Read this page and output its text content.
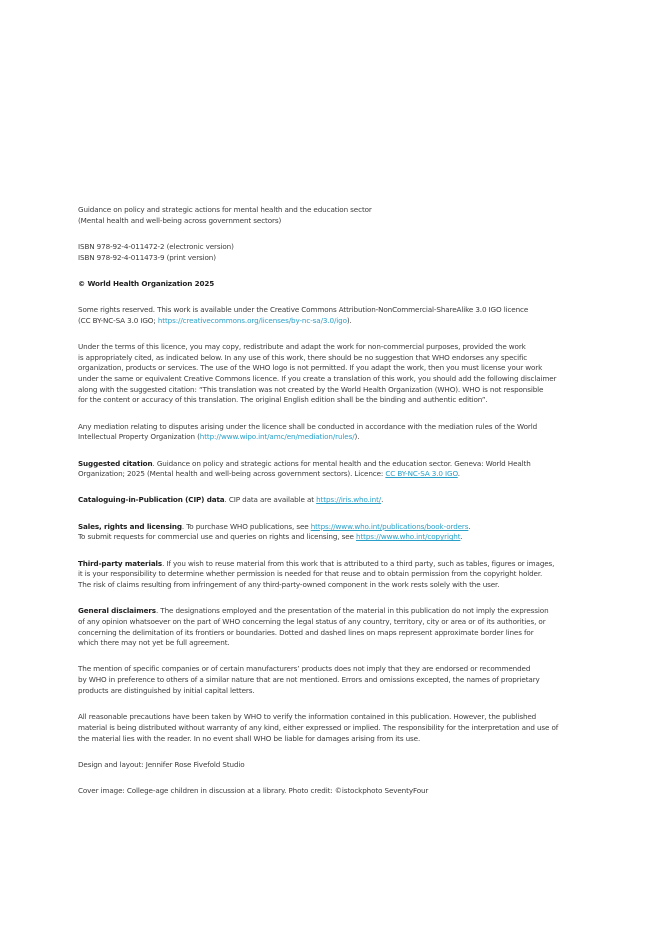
Guidance on policy and strategic actions for mental health and the education sector

(Mental health and well-being across government sectors)

ISBN 978-92-4-011472-2 (electronic version)

ISBN 978-92-4-011473-9 (print version)

© World Health Organization 2025

Some rights reserved. This work is available under the Creative Commons Attribution-NonCommercial-ShareAlike 3.0 IGO licence

(CC BY-NC-SA 3.0 IGO; https://creativecommons.org/licenses/by-nc-sa/3.0/igo).

Under the terms of this licence, you may copy, redistribute and adapt the work for non-commercial purposes, provided the work

is appropriately cited, as indicated below. In any use of this work, there should be no suggestion that WHO endorses any specific

organization, products or services. The use of the WHO logo is not permitted. If you adapt the work, then you must license your work

under the same or equivalent Creative Commons licence. If you create a translation of this work, you should add the following disclaimer

along with the suggested citation: “This translation was not created by the World Health Organization (WHO). WHO is not responsible

for the content or accuracy of this translation. The original English edition shall be the binding and authentic edition”.

Any mediation relating to disputes arising under the licence shall be conducted in accordance with the mediation rules of the World

Intellectual Property Organization (http://www.wipo.int/amc/en/mediation/rules/).

Suggested citation. Guidance on policy and strategic actions for mental health and the education sector. Geneva: World Health

Organization; 2025 (Mental health and well-being across government sectors). Licence: CC BY-NC-SA 3.0 IGO.

Cataloguing-in-Publication (CIP) data. CIP data are available at https://iris.who.int/.

Sales, rights and licensing. To purchase WHO publications, see https://www.who.int/publications/book-orders.

To submit requests for commercial use and queries on rights and licensing, see https://www.who.int/copyright.

Third-party materials. If you wish to reuse material from this work that is attributed to a third party, such as tables, figures or images,

it is your responsibility to determine whether permission is needed for that reuse and to obtain permission from the copyright holder.

The risk of claims resulting from infringement of any third-party-owned component in the work rests solely with the user.

General disclaimers. The designations employed and the presentation of the material in this publication do not imply the expression

of any opinion whatsoever on the part of WHO concerning the legal status of any country, territory, city or area or of its authorities, or

concerning the delimitation of its frontiers or boundaries. Dotted and dashed lines on maps represent approximate border lines for

which there may not yet be full agreement.

The mention of specific companies or of certain manufacturers’ products does not imply that they are endorsed or recommended

by WHO in preference to others of a similar nature that are not mentioned. Errors and omissions excepted, the names of proprietary

products are distinguished by initial capital letters.

All reasonable precautions have been taken by WHO to verify the information contained in this publication. However, the published

material is being distributed without warranty of any kind, either expressed or implied. The responsibility for the interpretation and use of

the material lies with the reader. In no event shall WHO be liable for damages arising from its use.

Design and layout: Jennifer Rose Fivefold Studio

Cover image: College-age children in discussion at a library. Photo credit: ©istockphoto SeventyFour
